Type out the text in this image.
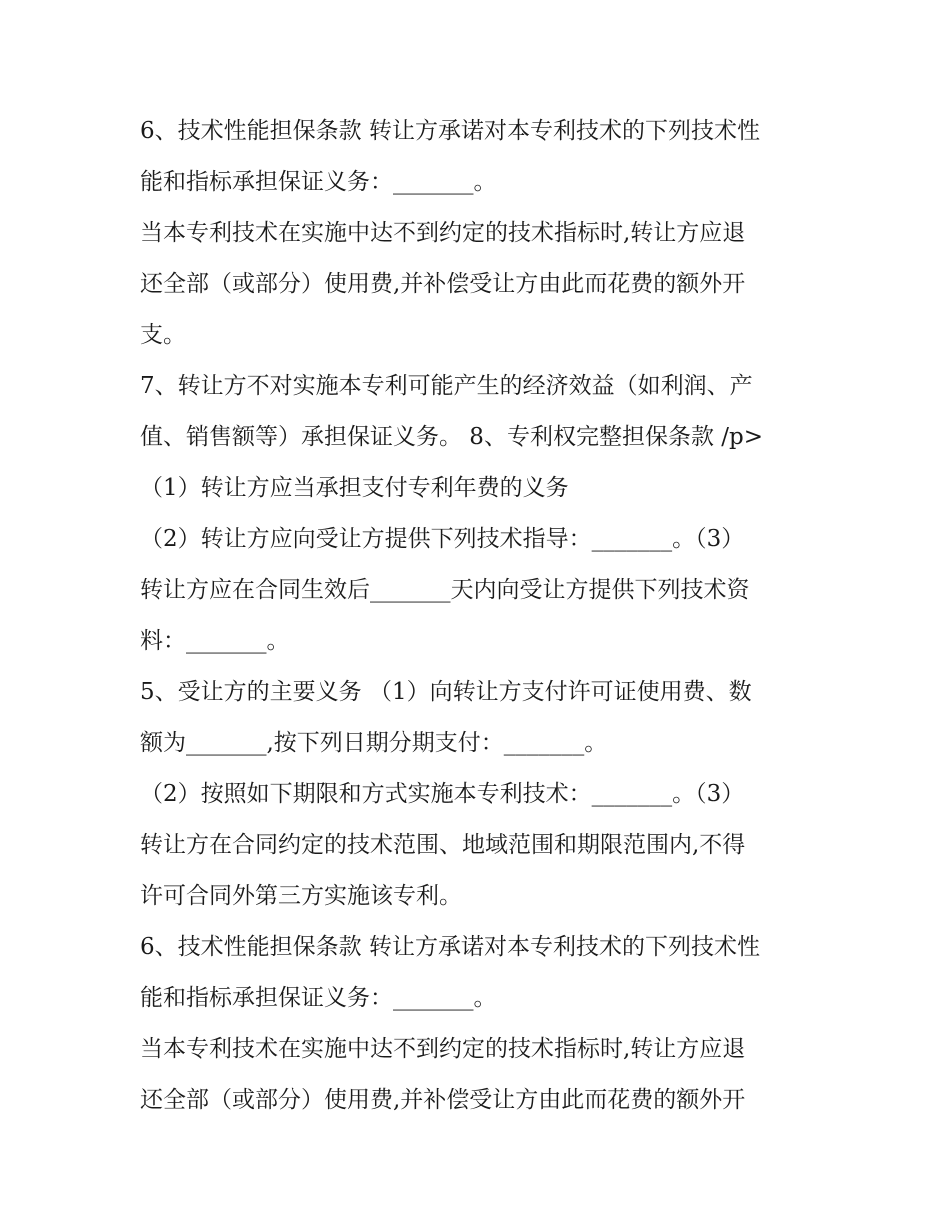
6、技术性能担保条款 转让方承诺对本专利技术的下列技术性
能和指标承担保证义务：_______。
当本专利技术在实施中达不到约定的技术指标时,转让方应退
还全部（或部分）使用费,并补偿受让方由此而花费的额外开
支。
7、转让方不对实施本专利可能产生的经济效益（如利润、产
值、销售额等）承担保证义务。 8、专利权完整担保条款 /p>
（1）转让方应当承担支付专利年费的义务
（2）转让方应向受让方提供下列技术指导：_______。（3）
转让方应在合同生效后_______天内向受让方提供下列技术资
料：_______。
5、受让方的主要义务 （1）向转让方支付许可证使用费、数
额为_______,按下列日期分期支付：_______。
（2）按照如下期限和方式实施本专利技术：_______。（3）
转让方在合同约定的技术范围、地域范围和期限范围内,不得
许可合同外第三方实施该专利。
6、技术性能担保条款 转让方承诺对本专利技术的下列技术性
能和指标承担保证义务：_______。
当本专利技术在实施中达不到约定的技术指标时,转让方应退
还全部（或部分）使用费,并补偿受让方由此而花费的额外开
